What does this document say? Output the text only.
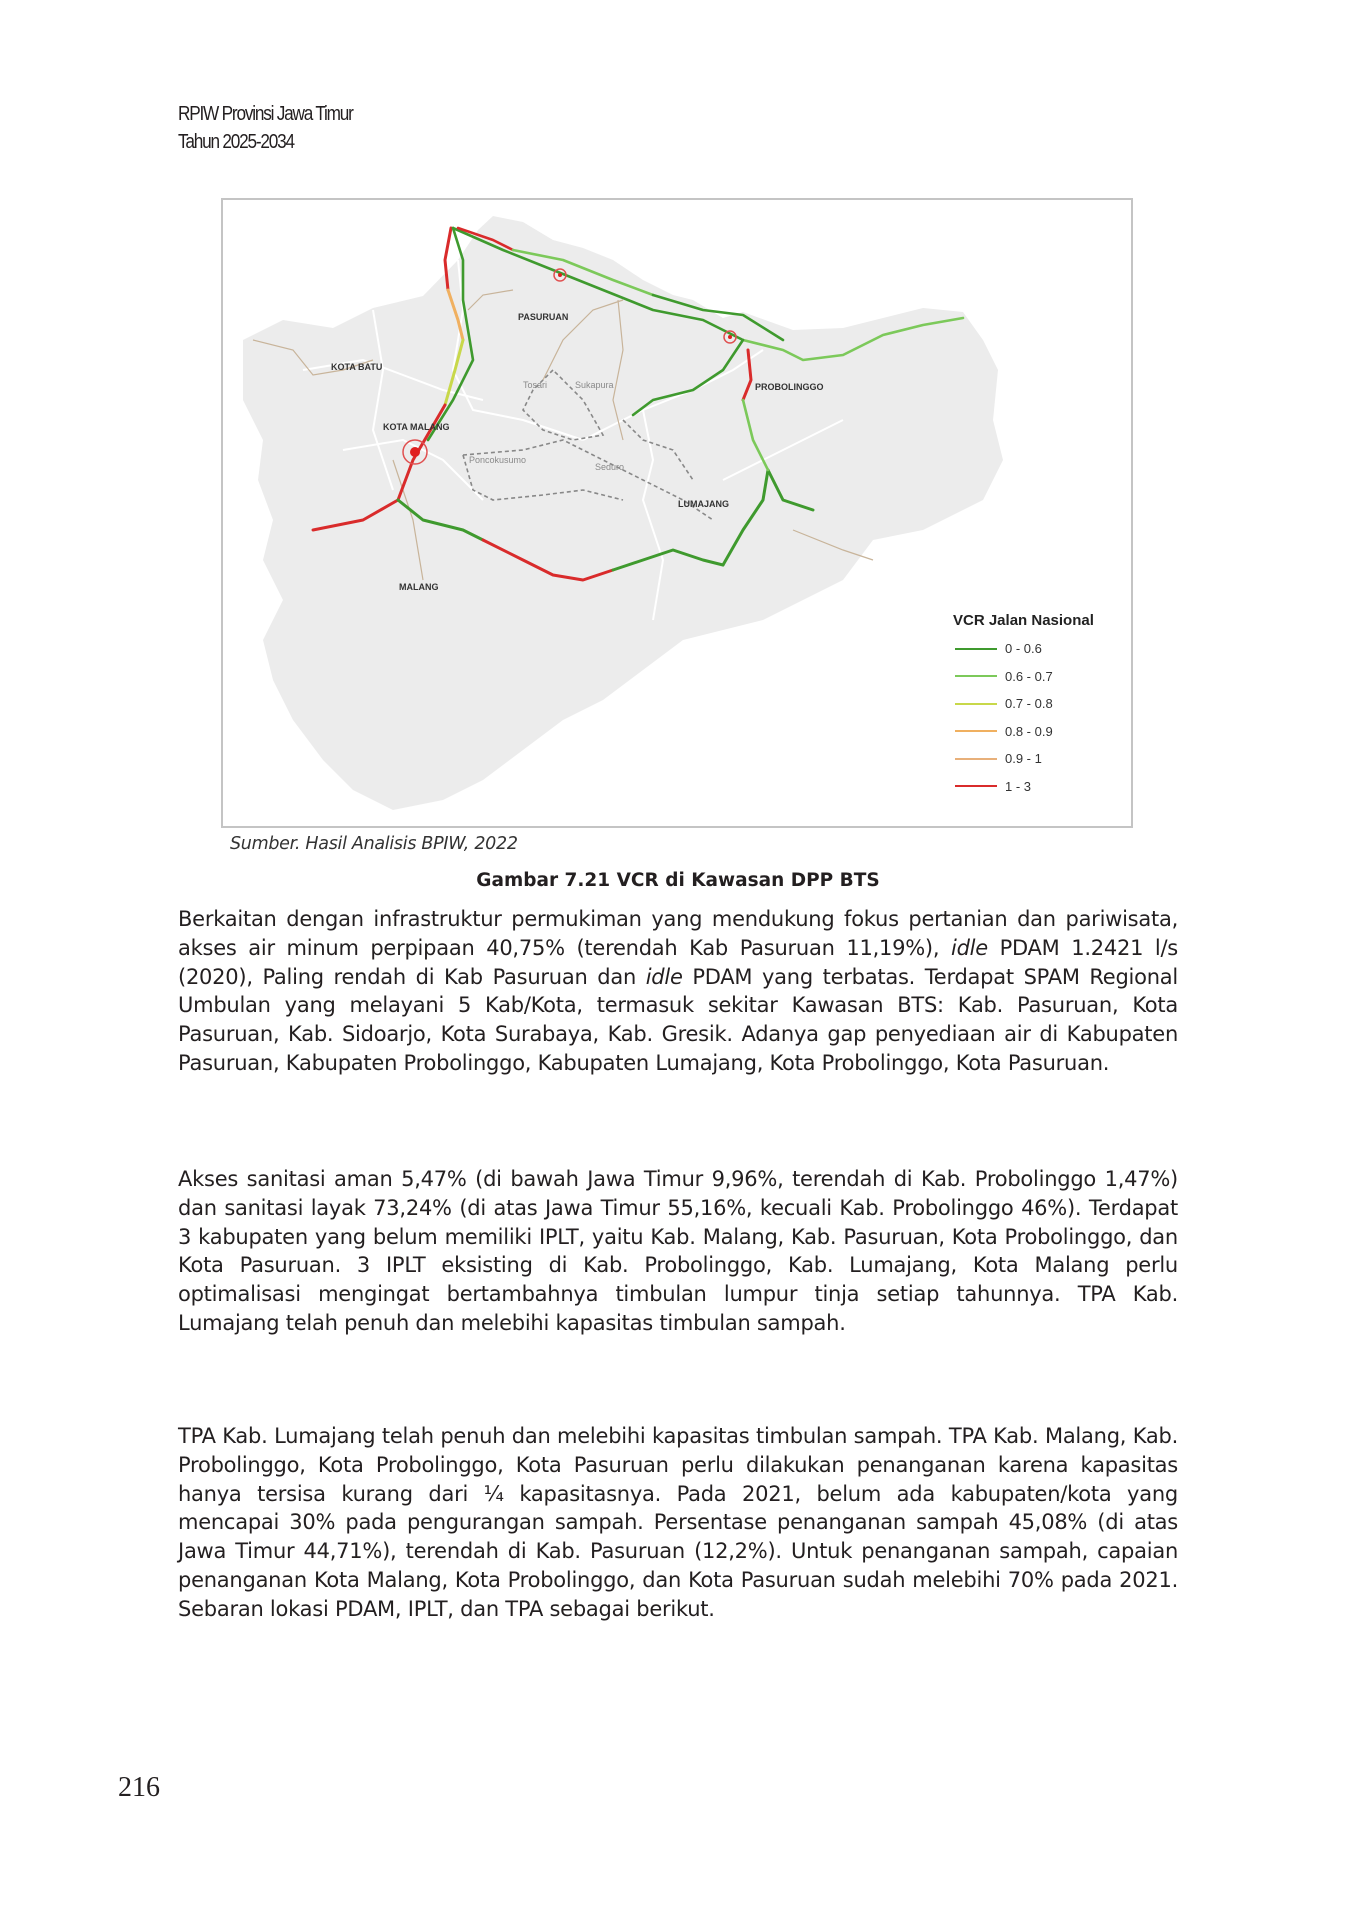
RPIW Provinsi Jawa Timur
Tahun 2025-2034
PASURUAN
KOTA BATU
KOTA MALANG
PROBOLINGGO
MALANG
LUMAJANG
Tosari	Sukapura
Poncokusumo
Seduro
VCR Jalan Nasional
0 - 0.6
0.6 - 0.7
0.7 - 0.8
0.8 - 0.9
0.9 - 1
1 - 3
Sumber. Hasil Analisis BPIW, 2022
Gambar 7.21 VCR di Kawasan DPP BTS

Berkaitan dengan infrastruktur permukiman yang mendukung fokus pertanian dan pariwisata, akses air minum perpipaan 40,75% (terendah Kab Pasuruan 11,19%), idle PDAM 1.2421 l/s (2020), Paling rendah di Kab Pasuruan dan idle PDAM yang terbatas. Terdapat SPAM Regional Umbulan yang melayani 5 Kab/Kota, termasuk sekitar Kawasan BTS: Kab. Pasuruan, Kota Pasuruan, Kab. Sidoarjo, Kota Surabaya, Kab. Gresik. Adanya gap penyediaan air di Kabupaten Pasuruan, Kabupaten Probolinggo, Kabupaten Lumajang, Kota Probolinggo, Kota Pasuruan.

Akses sanitasi aman 5,47% (di bawah Jawa Timur 9,96%, terendah di Kab. Probolinggo 1,47%) dan sanitasi layak 73,24% (di atas Jawa Timur 55,16%, kecuali Kab. Probolinggo 46%). Terdapat 3 kabupaten yang belum memiliki IPLT, yaitu Kab. Malang, Kab. Pasuruan, Kota Probolinggo, dan Kota Pasuruan. 3 IPLT eksisting di Kab. Probolinggo, Kab. Lumajang, Kota Malang perlu optimalisasi mengingat bertambahnya timbulan lumpur tinja setiap tahunnya. TPA Kab. Lumajang telah penuh dan melebihi kapasitas timbulan sampah.

TPA Kab. Lumajang telah penuh dan melebihi kapasitas timbulan sampah. TPA Kab. Malang, Kab. Probolinggo, Kota Probolinggo, Kota Pasuruan perlu dilakukan penanganan karena kapasitas hanya tersisa kurang dari ¼ kapasitasnya. Pada 2021, belum ada kabupaten/kota yang mencapai 30% pada pengurangan sampah. Persentase penanganan sampah 45,08% (di atas Jawa Timur 44,71%), terendah di Kab. Pasuruan (12,2%). Untuk penanganan sampah, capaian penanganan Kota Malang, Kota Probolinggo, dan Kota Pasuruan sudah melebihi 70% pada 2021. Sebaran lokasi PDAM, IPLT, dan TPA sebagai berikut.

216
